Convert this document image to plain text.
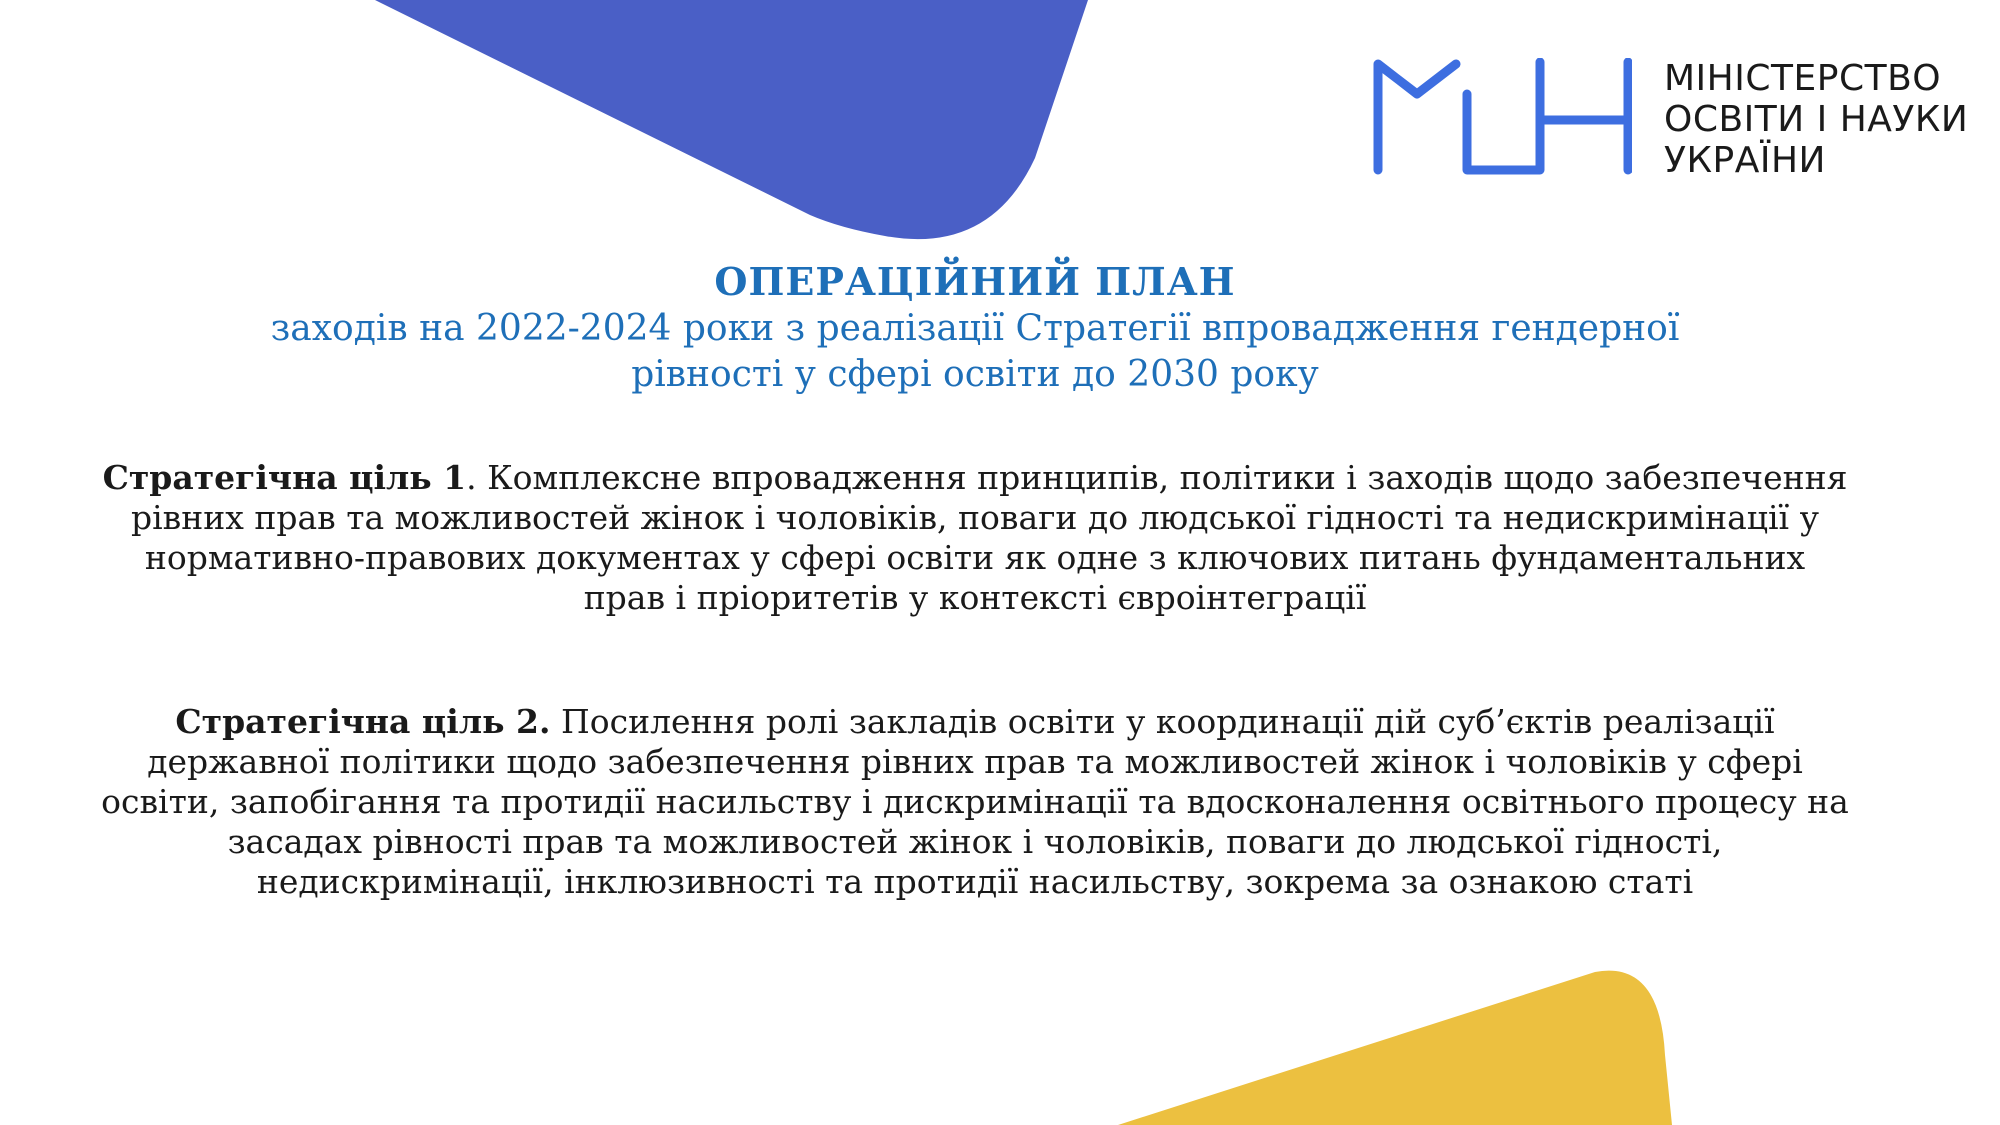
МІНІСТЕРСТВО
ОСВІТИ І НАУКИ
УКРАЇНИ
ОПЕРАЦІЙНИЙ ПЛАН
заходів на 2022-2024 роки з реалізації Стратегії впровадження гендерної
рівності у сфері освіти до 2030 року
Стратегічна ціль 1. Комплексне впровадження принципів, політики і заходів щодо забезпечення рівних прав та можливостей жінок і чоловіків, поваги до людської гідності та недискримінації у нормативно-правових документах у сфері освіти як одне з ключових питань фундаментальних прав і пріоритетів у контексті євроінтеграції
Стратегічна ціль 2. Посилення ролі закладів освіти у координації дій суб’єктів реалізації державної політики щодо забезпечення рівних прав та можливостей жінок і чоловіків у сфері освіти, запобігання та протидії насильству і дискримінації та вдосконалення освітнього процесу на засадах рівності прав та можливостей жінок і чоловіків, поваги до людської гідності, недискримінації, інклюзивності та протидії насильству, зокрема за ознакою статі
